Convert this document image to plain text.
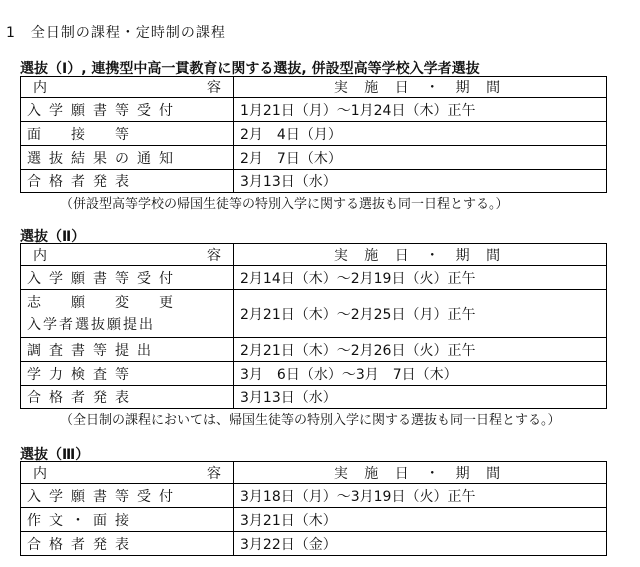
1　全日制の課程・定時制の課程
選抜（Ⅰ）, 連携型中高一貫教育に関する選抜, 併設型高等学校入学者選抜
内 容	実 施 日 ・ 期 間
入学願書等受付	1月21日（月）～1月24日（木）正午
面　接　等	2月　4日（月）
選抜結果の通知	2月　7日（木）
合格者発表	3月13日（水）
（併設型高等学校の帰国生徒等の特別入学に関する選抜も同一日程とする。）
選抜（Ⅱ）
内 容	実 施 日 ・ 期 間
入学願書等受付	2月14日（木）～2月19日（火）正午

志　願　変　更
入学者選抜願提出	2月21日（木）～2月25日（月）正午
調査書等提出	2月21日（木）～2月26日（火）正午
学力検査等	3月　6日（水）～3月　7日（木）
合格者発表	3月13日（水）
（全日制の課程においては、帰国生徒等の特別入学に関する選抜も同一日程とする。）
選抜（Ⅲ）
内 容	実 施 日 ・ 期 間
入学願書等受付	3月18日（月）～3月19日（火）正午
作文・面接	3月21日（木）
合格者発表	3月22日（金）
